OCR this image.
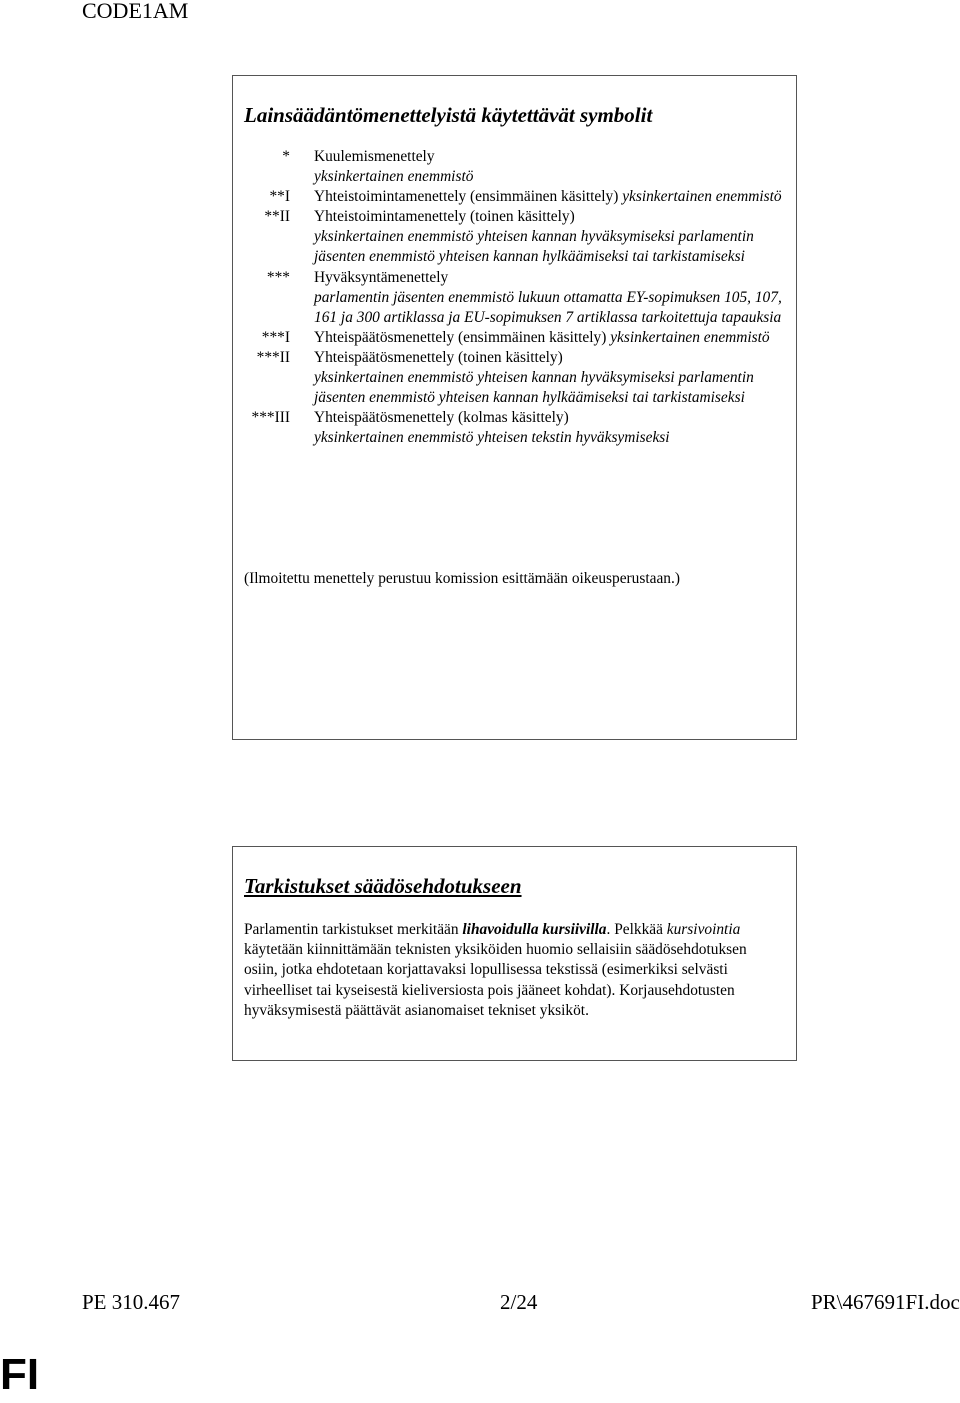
CODE1AM
Lainsäädäntömenettelyistä käytettävät symbolit
* Kuulemismenettely
yksinkertainen enemmistö
**I Yhteistoimintamenettely (ensimmäinen käsittely) yksinkertainen enemmistö
**II Yhteistoimintamenettely (toinen käsittely)
yksinkertainen enemmistö yhteisen kannan hyväksymiseksi parlamentin jäsenten enemmistö yhteisen kannan hylkäämiseksi tai tarkistamiseksi
*** Hyväksyntämenettely
parlamentin jäsenten enemmistö lukuun ottamatta EY-sopimuksen 105, 107, 161 ja 300 artiklassa ja EU-sopimuksen 7 artiklassa tarkoitettuja tapauksia
***I Yhteispäätösmenettely (ensimmäinen käsittely) yksinkertainen enemmistö
***II Yhteispäätösmenettely (toinen käsittely)
yksinkertainen enemmistö yhteisen kannan hyväksymiseksi parlamentin jäsenten enemmistö yhteisen kannan hylkäämiseksi tai tarkistamiseksi
***III Yhteispäätösmenettely (kolmas käsittely)
yksinkertainen enemmistö yhteisen tekstin hyväksymiseksi
(Ilmoitettu menettely perustuu komission esittämään oikeusperustaan.)
Tarkistukset säädösehdotukseen
Parlamentin tarkistukset merkitään lihavoidulla kursiivilla. Pelkkää kursivointia käytetään kiinnittämään teknisten yksiköiden huomio sellaisiin säädösehdotuksen osiin, jotka ehdotetaan korjattavaksi lopullisessa tekstissä (esimerkiksi selvästi virheelliset tai kyseisestä kieliversiosta pois jääneet kohdat). Korjausehdotusten hyväksymisestä päättävät asianomaiset tekniset yksiköt.
PE 310.467	2/24	PR\467691FI.doc
FI
